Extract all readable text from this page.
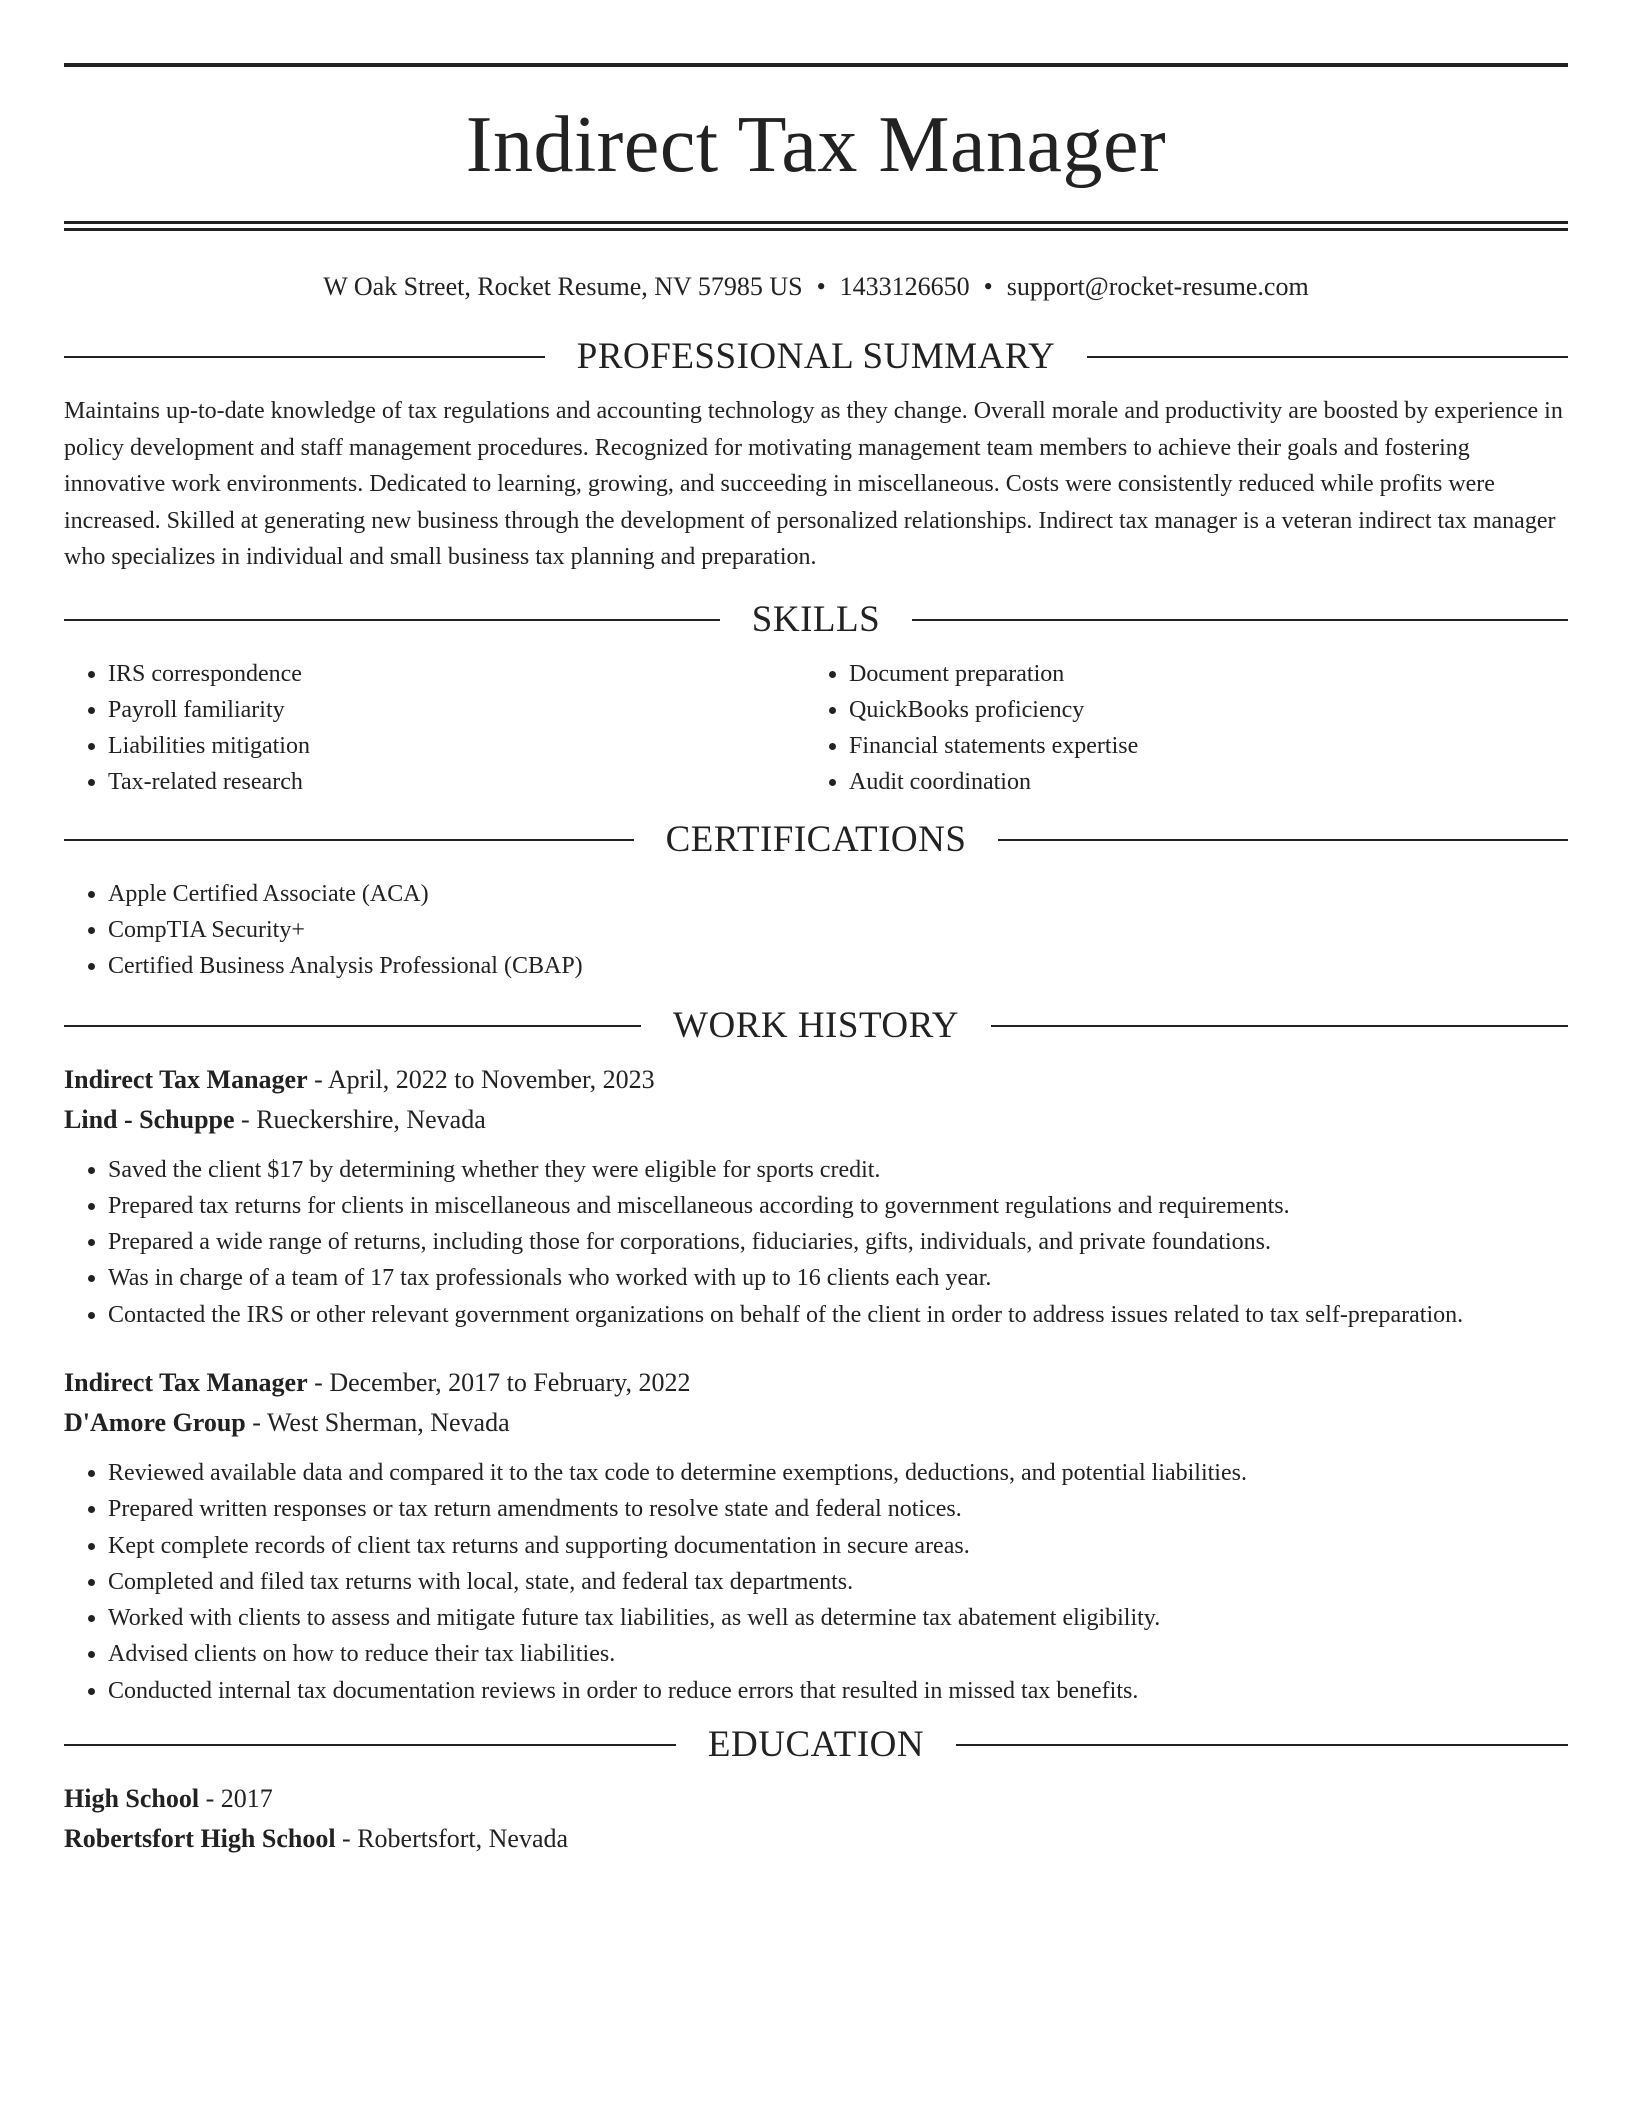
Indirect Tax Manager
W Oak Street, Rocket Resume, NV 57985 US • 1433126650 • support@rocket-resume.com
PROFESSIONAL SUMMARY

Maintains up-to-date knowledge of tax regulations and accounting technology as they change. Overall morale and productivity are boosted by experience in policy development and staff management procedures. Recognized for motivating management team members to achieve their goals and fostering innovative work environments. Dedicated to learning, growing, and succeeding in miscellaneous. Costs were consistently reduced while profits were increased. Skilled at generating new business through the development of personalized relationships. Indirect tax manager is a veteran indirect tax manager who specializes in individual and small business tax planning and preparation.

SKILLS
• IRS correspondence
• Payroll familiarity
• Liabilities mitigation
• Tax-related research
• Document preparation
• QuickBooks proficiency
• Financial statements expertise
• Audit coordination
CERTIFICATIONS
• Apple Certified Associate (ACA)
• CompTIA Security+
• Certified Business Analysis Professional (CBAP)
WORK HISTORY
Indirect Tax Manager - April, 2022 to November, 2023
Lind - Schuppe - Rueckershire, Nevada
• Saved the client $17 by determining whether they were eligible for sports credit.
• Prepared tax returns for clients in miscellaneous and miscellaneous according to government regulations and requirements.
• Prepared a wide range of returns, including those for corporations, fiduciaries, gifts, individuals, and private foundations.
• Was in charge of a team of 17 tax professionals who worked with up to 16 clients each year.
• Contacted the IRS or other relevant government organizations on behalf of the client in order to address issues related to tax self-preparation.
Indirect Tax Manager - December, 2017 to February, 2022
D'Amore Group - West Sherman, Nevada
• Reviewed available data and compared it to the tax code to determine exemptions, deductions, and potential liabilities.
• Prepared written responses or tax return amendments to resolve state and federal notices.
• Kept complete records of client tax returns and supporting documentation in secure areas.
• Completed and filed tax returns with local, state, and federal tax departments.
• Worked with clients to assess and mitigate future tax liabilities, as well as determine tax abatement eligibility.
• Advised clients on how to reduce their tax liabilities.
• Conducted internal tax documentation reviews in order to reduce errors that resulted in missed tax benefits.
EDUCATION
High School - 2017
Robertsfort High School - Robertsfort, Nevada
